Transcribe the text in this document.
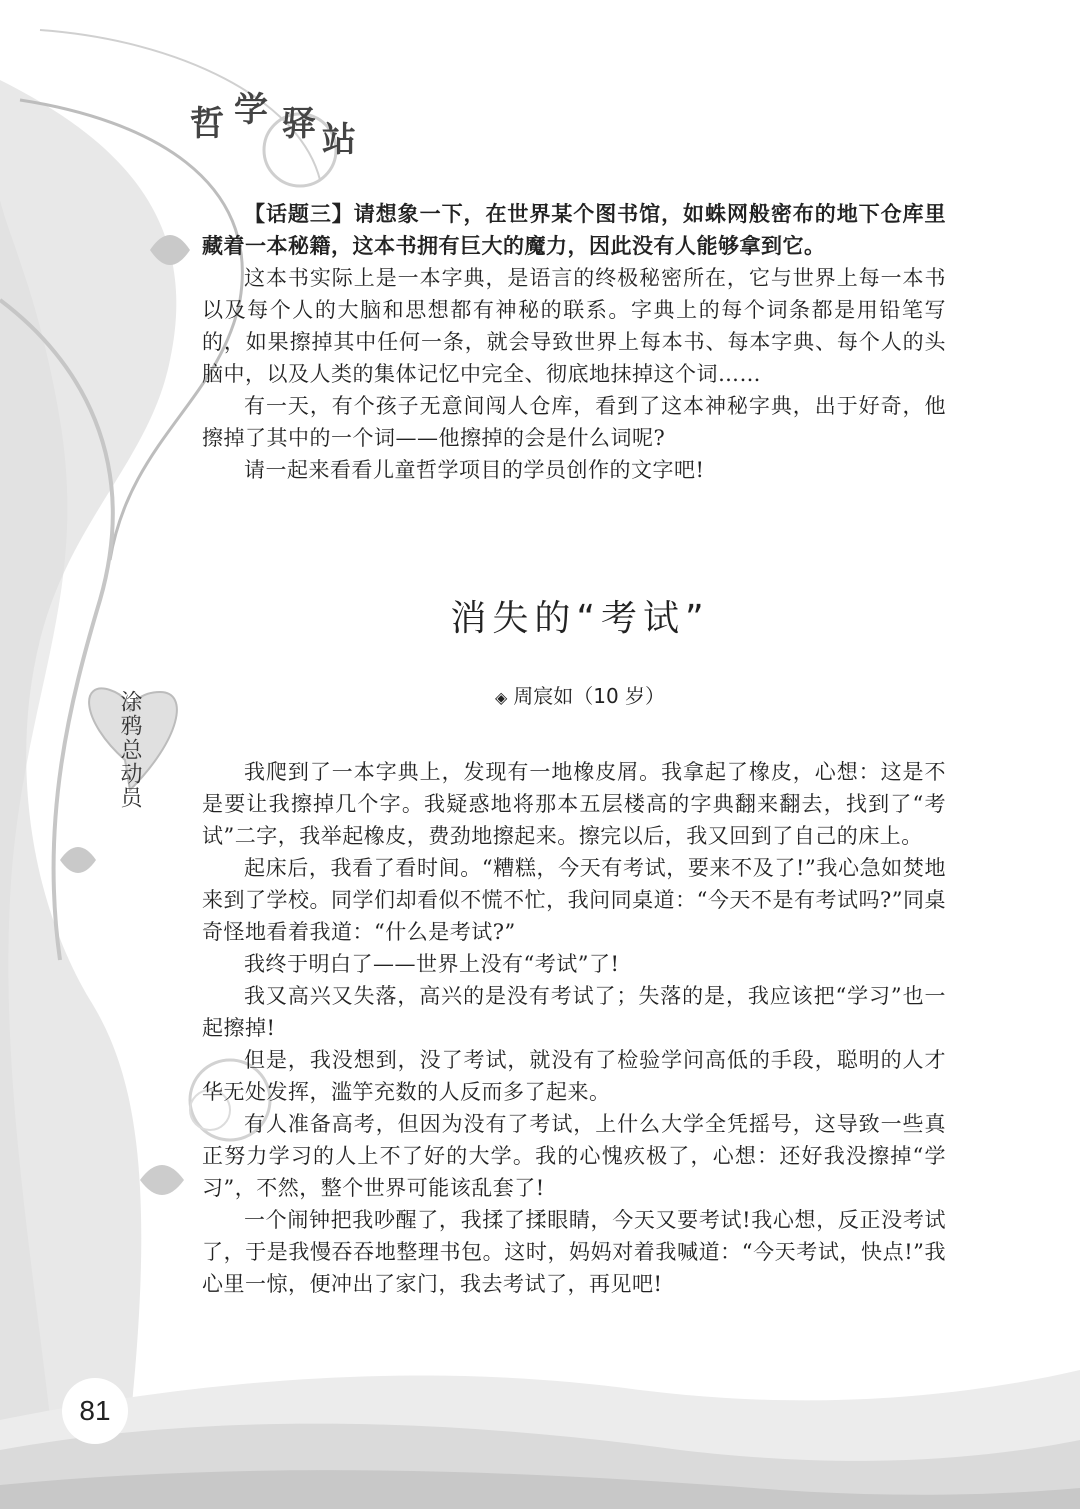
哲 学 驿 站

【话题三】请想象一下，在世界某个图书馆，如蛛网般密布的地下仓库里藏着一本秘籍，这本书拥有巨大的魔力，因此没有人能够拿到它。

这本书实际上是一本字典，是语言的终极秘密所在，它与世界上每一本书以及每个人的大脑和思想都有神秘的联系。字典上的每个词条都是用铅笔写的，如果擦掉其中任何一条，就会导致世界上每本书、每本字典、每个人的头脑中，以及人类的集体记忆中完全、彻底地抹掉这个词……

有一天，有个孩子无意间闯人仓库，看到了这本神秘字典，出于好奇，他擦掉了其中的一个词——他擦掉的会是什么词呢?

请一起来看看儿童哲学项目的学员创作的文字吧!

消失的“考试”
◈ 周宸如（10 岁）
涂鸦总动员	我爬到了一本字典上，发现有一地橡皮屑。我拿起了橡皮，心想：这是不是要让我擦掉几个字。我疑惑地将那本五层楼高的字典翻来翻去，找到了“考试”二字，我举起橡皮，费劲地擦起来。擦完以后，我又回到了自己的床上。

起床后，我看了看时间。“糟糕，今天有考试，要来不及了!”我心急如焚地来到了学校。同学们却看似不慌不忙，我问同桌道：“今天不是有考试吗?”同桌奇怪地看着我道：“什么是考试?”

我终于明白了——世界上没有“考试”了!

我又高兴又失落，高兴的是没有考试了；失落的是，我应该把“学习”也一起擦掉!

但是，我没想到，没了考试，就没有了检验学问高低的手段，聪明的人才华无处发挥，滥竽充数的人反而多了起来。

有人准备高考，但因为没有了考试，上什么大学全凭摇号，这导致一些真正努力学习的人上不了好的大学。我的心愧疚极了，心想：还好我没擦掉“学习”，不然，整个世界可能该乱套了!

一个闹钟把我吵醒了，我揉了揉眼睛，今天又要考试!我心想，反正没考试了，于是我慢吞吞地整理书包。这时，妈妈对着我喊道：“今天考试，快点!”我心里一惊，便冲出了家门，我去考试了，再见吧!

81
